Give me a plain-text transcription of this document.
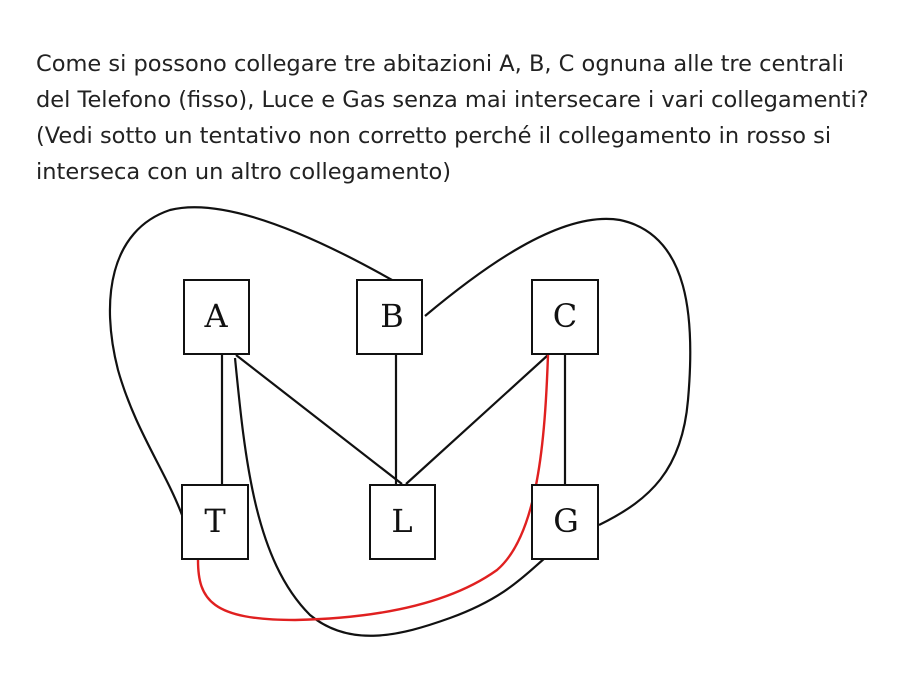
Come si possono collegare tre abitazioni A, B, C ognuna alle tre centrali del Telefono (fisso), Luce e Gas senza mai intersecare i vari collegamenti? (Vedi sotto un tentativo non corretto perché il collegamento in rosso si interseca con un altro collegamento)

A	B	C
T	L	G
